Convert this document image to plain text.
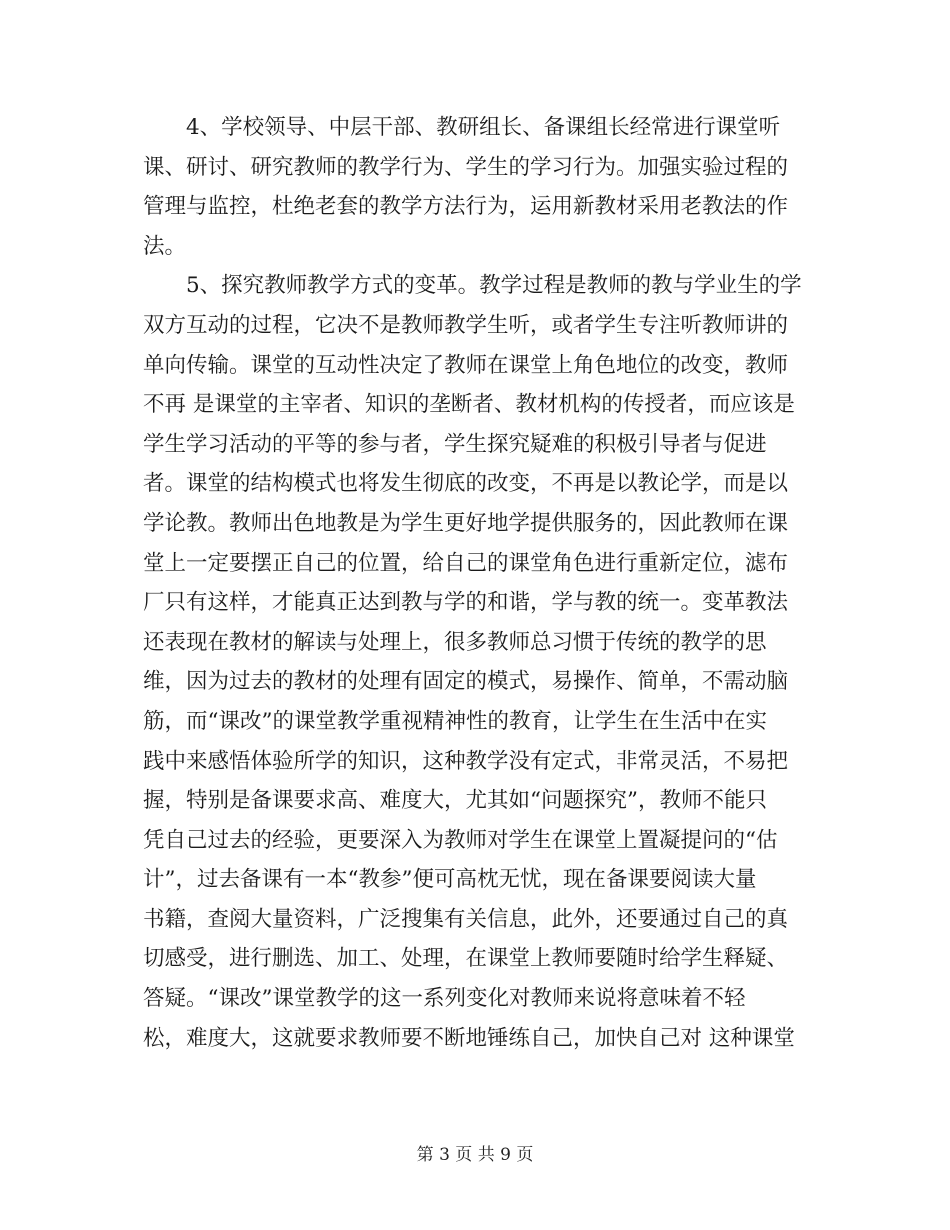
　　4、学校领导、中层干部、教研组长、备课组长经常进行课堂听
课、研讨、研究教师的教学行为、学生的学习行为。加强实验过程的
管理与监控，杜绝老套的教学方法行为，运用新教材采用老教法的作
法。
　　5、探究教师教学方式的变革。教学过程是教师的教与学业生的学
双方互动的过程，它决不是教师教学生听，或者学生专注听教师讲的
单向传输。课堂的互动性决定了教师在课堂上角色地位的改变，教师
不再 是课堂的主宰者、知识的垄断者、教材机构的传授者，而应该是
学生学习活动的平等的参与者，学生探究疑难的积极引导者与促进
者。课堂的结构模式也将发生彻底的改变，不再是以教论学，而是以
学论教。教师出色地教是为学生更好地学提供服务的，因此教师在课
堂上一定要摆正自己的位置，给自己的课堂角色进行重新定位，滤布
厂只有这样，才能真正达到教与学的和谐，学与教的统一。变革教法
还表现在教材的解读与处理上，很多教师总习惯于传统的教学的思
维，因为过去的教材的处理有固定的模式，易操作、简单，不需动脑
筋，而“课改”的课堂教学重视精神性的教育，让学生在生活中在实
践中来感悟体验所学的知识，这种教学没有定式，非常灵活，不易把
握，特别是备课要求高、难度大，尤其如“问题探究”，教师不能只
凭自己过去的经验，更要深入为教师对学生在课堂上置凝提问的“估
计”，过去备课有一本“教参”便可高枕无忧，现在备课要阅读大量
书籍，查阅大量资料，广泛搜集有关信息，此外，还要通过自己的真
切感受，进行删选、加工、处理，在课堂上教师要随时给学生释疑、
答疑。“课改”课堂教学的这一系列变化对教师来说将意味着不轻
松，难度大，这就要求教师要不断地锤练自己，加快自己对 这种课堂
第 3 页 共 9 页
